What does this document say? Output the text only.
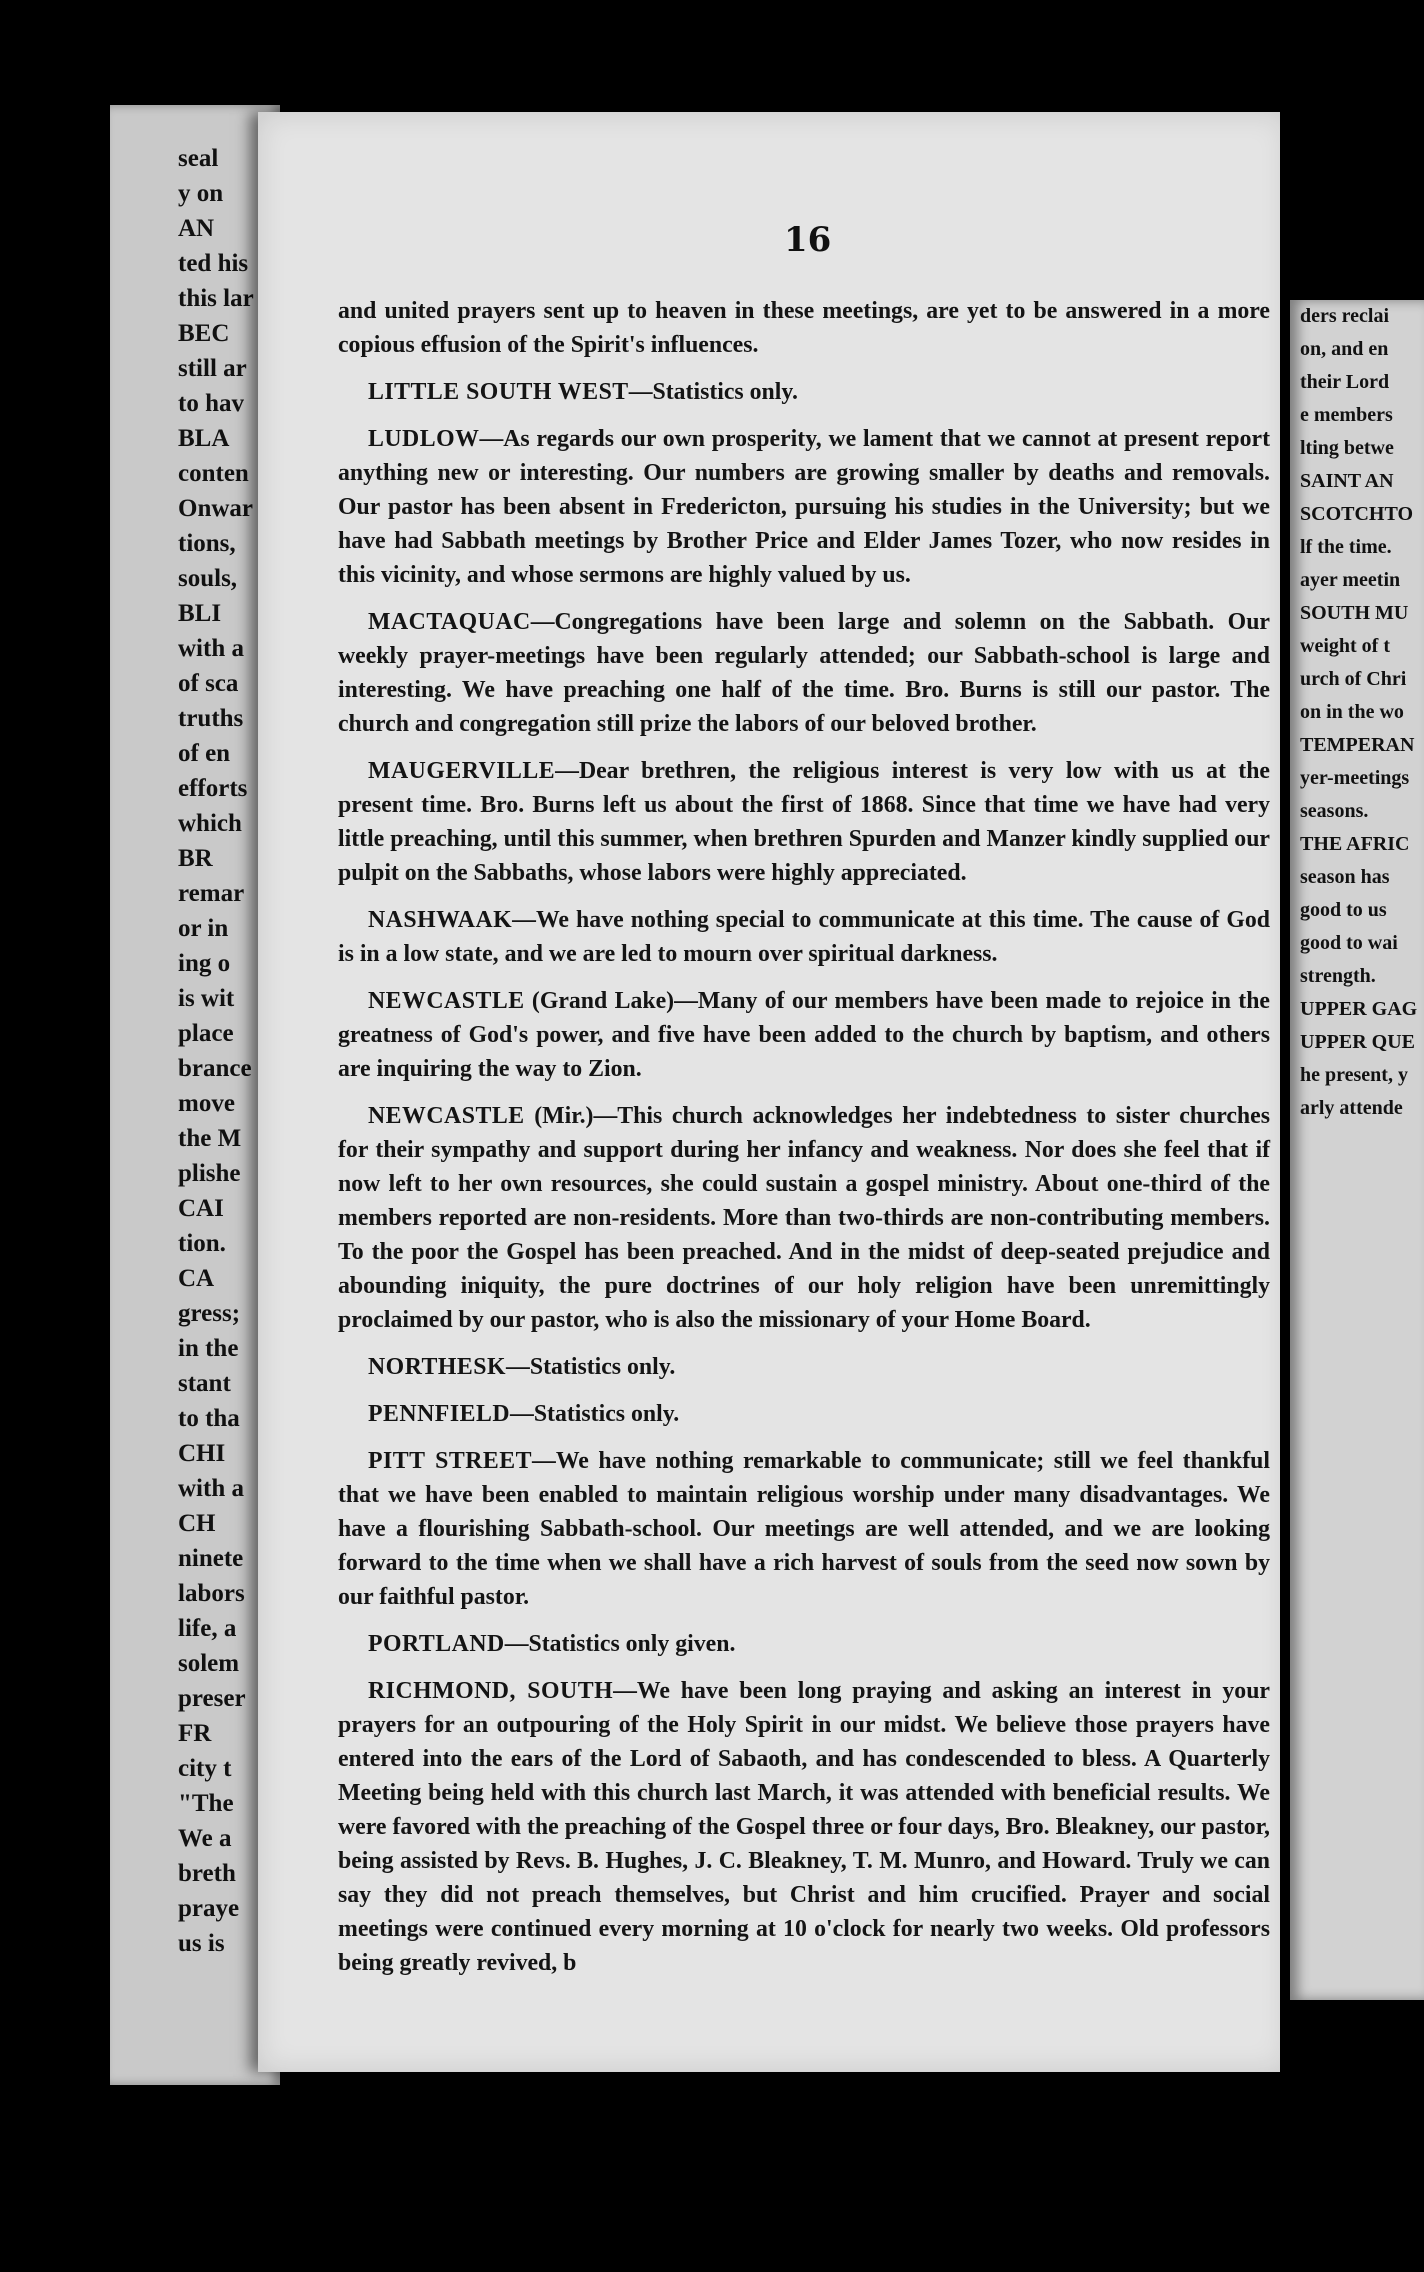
seal
y on
AN
ted his
this lar
BEC
still ar
to hav
BLA
conten
Onwar
tions,
souls,
BLI
with a
of sca
truths
of en
efforts
which
BR
remar
or in
ing o
is wit
place
brance
move
the M
plishe
CAI
tion.
CA
gress;
in the
stant
to tha
CHI
with a
CH
ninete
labors
life, a
solem
preser
FR
city t
"The
We a
breth
praye
us is
16

and united prayers sent up to heaven in these meetings, are yet to be answered in a more copious effusion of the Spirit's influences.

LITTLE SOUTH WEST—Statistics only.

LUDLOW—As regards our own prosperity, we lament that we cannot at present report anything new or interesting. Our numbers are growing smaller by deaths and removals. Our pastor has been absent in Fredericton, pursuing his studies in the University; but we have had Sabbath meetings by Brother Price and Elder James Tozer, who now resides in this vicinity, and whose sermons are highly valued by us.

MACTAQUAC—Congregations have been large and solemn on the Sabbath. Our weekly prayer-meetings have been regularly attended; our Sabbath-school is large and interesting. We have preaching one half of the time. Bro. Burns is still our pastor. The church and congregation still prize the labors of our beloved brother.

MAUGERVILLE—Dear brethren, the religious interest is very low with us at the present time. Bro. Burns left us about the first of 1868. Since that time we have had very little preaching, until this summer, when brethren Spurden and Manzer kindly supplied our pulpit on the Sabbaths, whose labors were highly appreciated.

NASHWAAK—We have nothing special to communicate at this time. The cause of God is in a low state, and we are led to mourn over spiritual darkness.

NEWCASTLE (Grand Lake)—Many of our members have been made to rejoice in the greatness of God's power, and five have been added to the church by baptism, and others are inquiring the way to Zion.

NEWCASTLE (Mir.)—This church acknowledges her indebtedness to sister churches for their sympathy and support during her infancy and weakness. Nor does she feel that if now left to her own resources, she could sustain a gospel ministry. About one-third of the members reported are non-residents. More than two-thirds are non-contributing members. To the poor the Gospel has been preached. And in the midst of deep-seated prejudice and abounding iniquity, the pure doctrines of our holy religion have been unremittingly proclaimed by our pastor, who is also the missionary of your Home Board.

NORTHESK—Statistics only.

PENNFIELD—Statistics only.

PITT STREET—We have nothing remarkable to communicate; still we feel thankful that we have been enabled to maintain religious worship under many disadvantages. We have a flourishing Sabbath-school. Our meetings are well attended, and we are looking forward to the time when we shall have a rich harvest of souls from the seed now sown by our faithful pastor.

PORTLAND—Statistics only given.

RICHMOND, SOUTH—We have been long praying and asking an interest in your prayers for an outpouring of the Holy Spirit in our midst. We believe those prayers have entered into the ears of the Lord of Sabaoth, and has condescended to bless. A Quarterly Meeting being held with this church last March, it was attended with beneficial results. We were favored with the preaching of the Gospel three or four days, Bro. Bleakney, our pastor, being assisted by Revs. B. Hughes, J. C. Bleakney, T. M. Munro, and Howard. Truly we can say they did not preach themselves, but Christ and him crucified. Prayer and social meetings were continued every morning at 10 o'clock for nearly two weeks. Old professors being greatly revived, b

ders reclai
on, and en
their Lord
e members
lting betwe
SAINT AN
SCOTCHTO
lf the time.
ayer meetin
SOUTH MU
weight of t
urch of Chri
on in the wo
TEMPERAN
yer-meetings
seasons.
THE AFRIC
season has
good to us
good to wai
strength.
UPPER GAG
UPPER QUE
he present, y
arly attende
